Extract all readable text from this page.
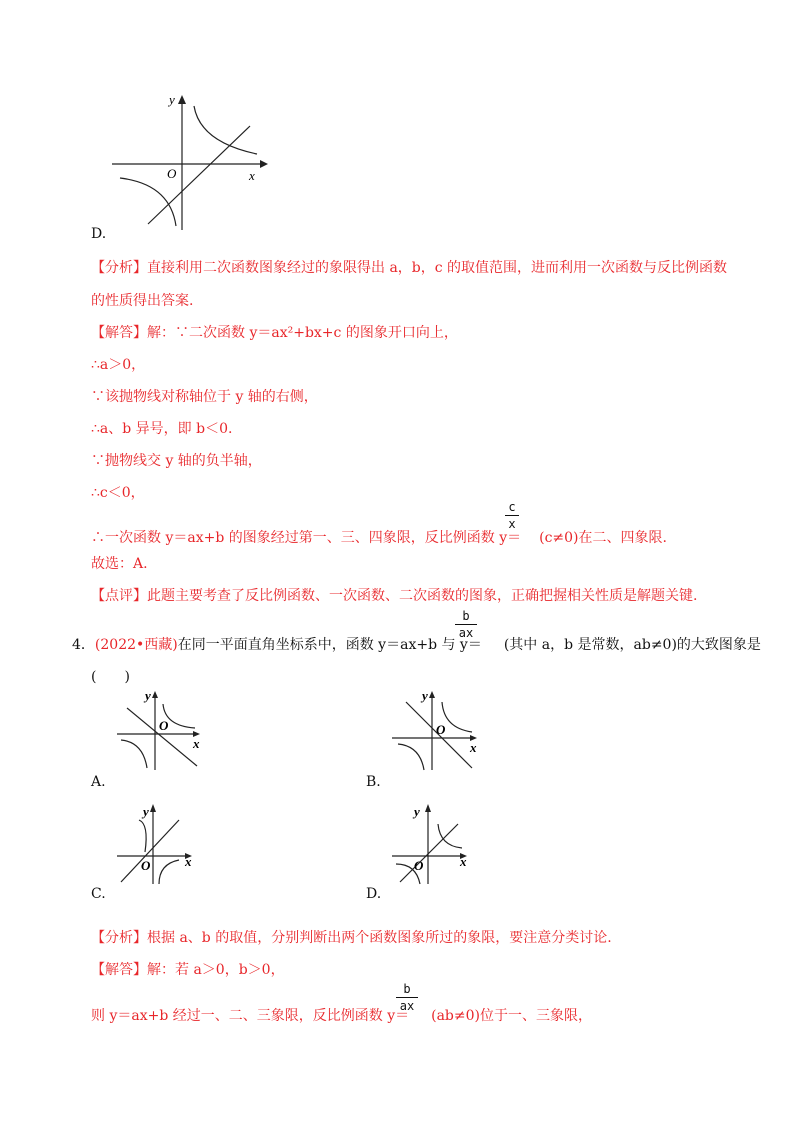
y
x
O
D.
【分析】直接利用二次函数图象经过的象限得出 a，b，c 的取值范围，进而利用一次函数与反比例函数
的性质得出答案.
【解答】解：∵二次函数 y＝ax²+bx+c 的图象开口向上，
∴a＞0，
∵该抛物线对称轴位于 y 轴的右侧，
∴a、b 异号，即 b＜0.
∵抛物线交 y 轴的负半轴，
∴c＜0，
∴一次函数 y＝ax+b 的图象经过第一、三、四象限，反比例函数 y＝ (c≠0)在二、四象限.
c
x
故选：A.
【点评】此题主要考查了反比例函数、一次函数、二次函数的图象，正确把握相关性质是解题关键.
4．(2022•西藏)在同一平面直角坐标系中，函数 y＝ax+b 与 y＝ (其中 a，b 是常数，ab≠0)的大致图象是
b
ax
(　　)
y
x
O
A.
y
x
O
B.
y
x
O
C.
y
x
O
D.
【分析】根据 a、b 的取值，分别判断出两个函数图象所过的象限，要注意分类讨论.
【解答】解：若 a＞0，b＞0，
则 y＝ax+b 经过一、二、三象限，反比例函数 y＝ (ab≠0)位于一、三象限，
b
ax
